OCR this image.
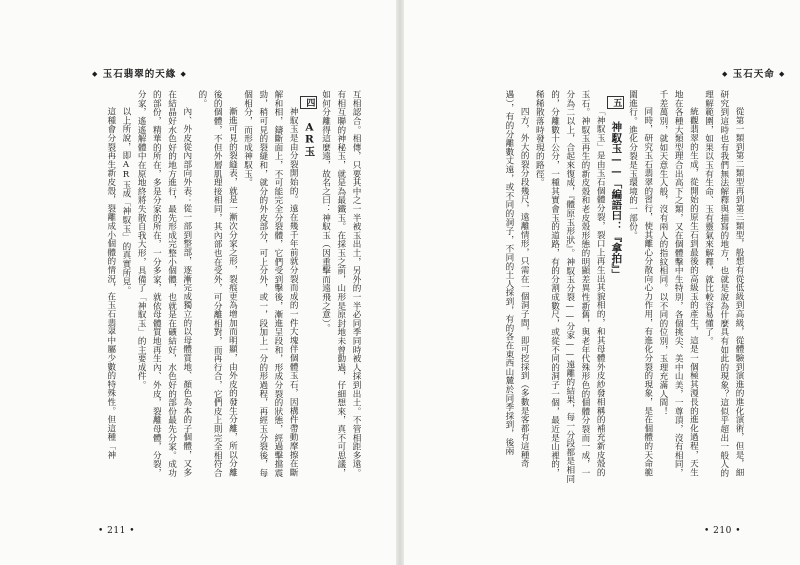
◆ 玉石翡翠的天緣 ◆

互相認合。相傳，只要其中之一半被玉出土，另外的一半必同季同時被人採到出土。不管相距多遠。有相互聯的神秘玉，就是為最鐵玉。在採玉之前，山形是原封地未曾動過，仔細想來，真不可思議，如何分離得這麼遠，故名之曰：神馭玉（因重擊而遠飛之意）。

四 AR玉

神馭玉是由分裂開始的。遠在幾千年前就分裂而成的一件大塊伴個體玉石，因構件帶動摩擦在斷解和相，鑄斷面上，不可能完全分裂體，它們受到擊後，漸進呈段和，形成分裂的狀態，經過擊擋震勁，稍可見的裂縫和，就分的外皮部分，可上分外，或一，段加上一分的形過程，再經玉分裂後，每個相分，而形成神馭玉。

漸進可見的裂縫表，就是一漸次分家之形，裂痕更為增加而明顯，由外皮的發生分離，所以分離後的個體，不但外層肌理接相同，其內部也在受外，可分離相對，而再行合，它們皮上則完全相符合的。

內、外皮從內部向外表：從一部到整部，逐漸完成獨立的以母體質地、顏色為本的子個體，又多在結晶好水色好的地方進行，最先形成完整小個體，也就是在礦結好，水色好的部份最先分家。成功的部份，精華的所在，多是分家的所在，一分多家，就依母體質地再生內、外皮，裂離母體，分裂，分家，遙遙解體中在原地終將失散自我大形，具備了「神馭玉」的主要成件。

以上所說，即AR玉成「神馭玉」的真實所見。

這種會分裂再生新皮殼，裂離成小個體的情況，在玉石翡翠中屬少數的特殊性。但這種「神

• 211 •
◆ 玉石天命 ◆

從第一類到第二類型再到第三類型，般想有從低級到高級，從體驗到演進的進化演術，但是，細研究到這時也有我們無法解釋與描寫的地方，也就是說為什麼具有如此的現象？這似乎超出一般人的理解範圍，如果以玉有生命、玉有靈氣來解釋，就比較容易懂了。

統觀翡翠的生成，從開始的原生石到最後的高級玉的產生，這是一個極其漫長的進化過程，天生地在各種大類型理合出高下之類，又在個體擊中生特別，各個挑尖、美中山美，一尊頂，沒有相同，千差萬別，就如天意生人般，沒有兩人的指紋相同。以不同的位別，玉理充滿人間！

同時，研究玉石翡翠的習行，使其離心分散向心力作用，有進化分裂的現象，是在個體的天命範圍進行。進化分裂是玉環境的一部份。

五 神馭玉——「編語曰：『拿拍』」

「神馭玉」是由玉石個體分裂，裂口上再生出其貌相的，和其母體外皮紗發相稱的補充新皮殼的玉石。神馭玉再生的新皮殼和老皮殼形態的明顯差異性新舊，與老年代殊形色的個體分裂而一成，一分為二以上，合起來復成，『體原玉形狀』。神馭玉分裂——分家——遠離的結果，每一分段都是相同的，分離數十公分，一種其實會玉的道路，有的分割成數尺，或從不同的洞子一個，最近是山裡的，稀稀散落時發現的路徑。

四方，外大的裂分段幾尺，遠離情形，只需在一個洞子間，即可挖採到（多數是客都有這種奇遇），有的分離數丈遠，或不同的洞子，不同的土人採到，有的各在東西山麓於同季採到，後兩

• 210 •
